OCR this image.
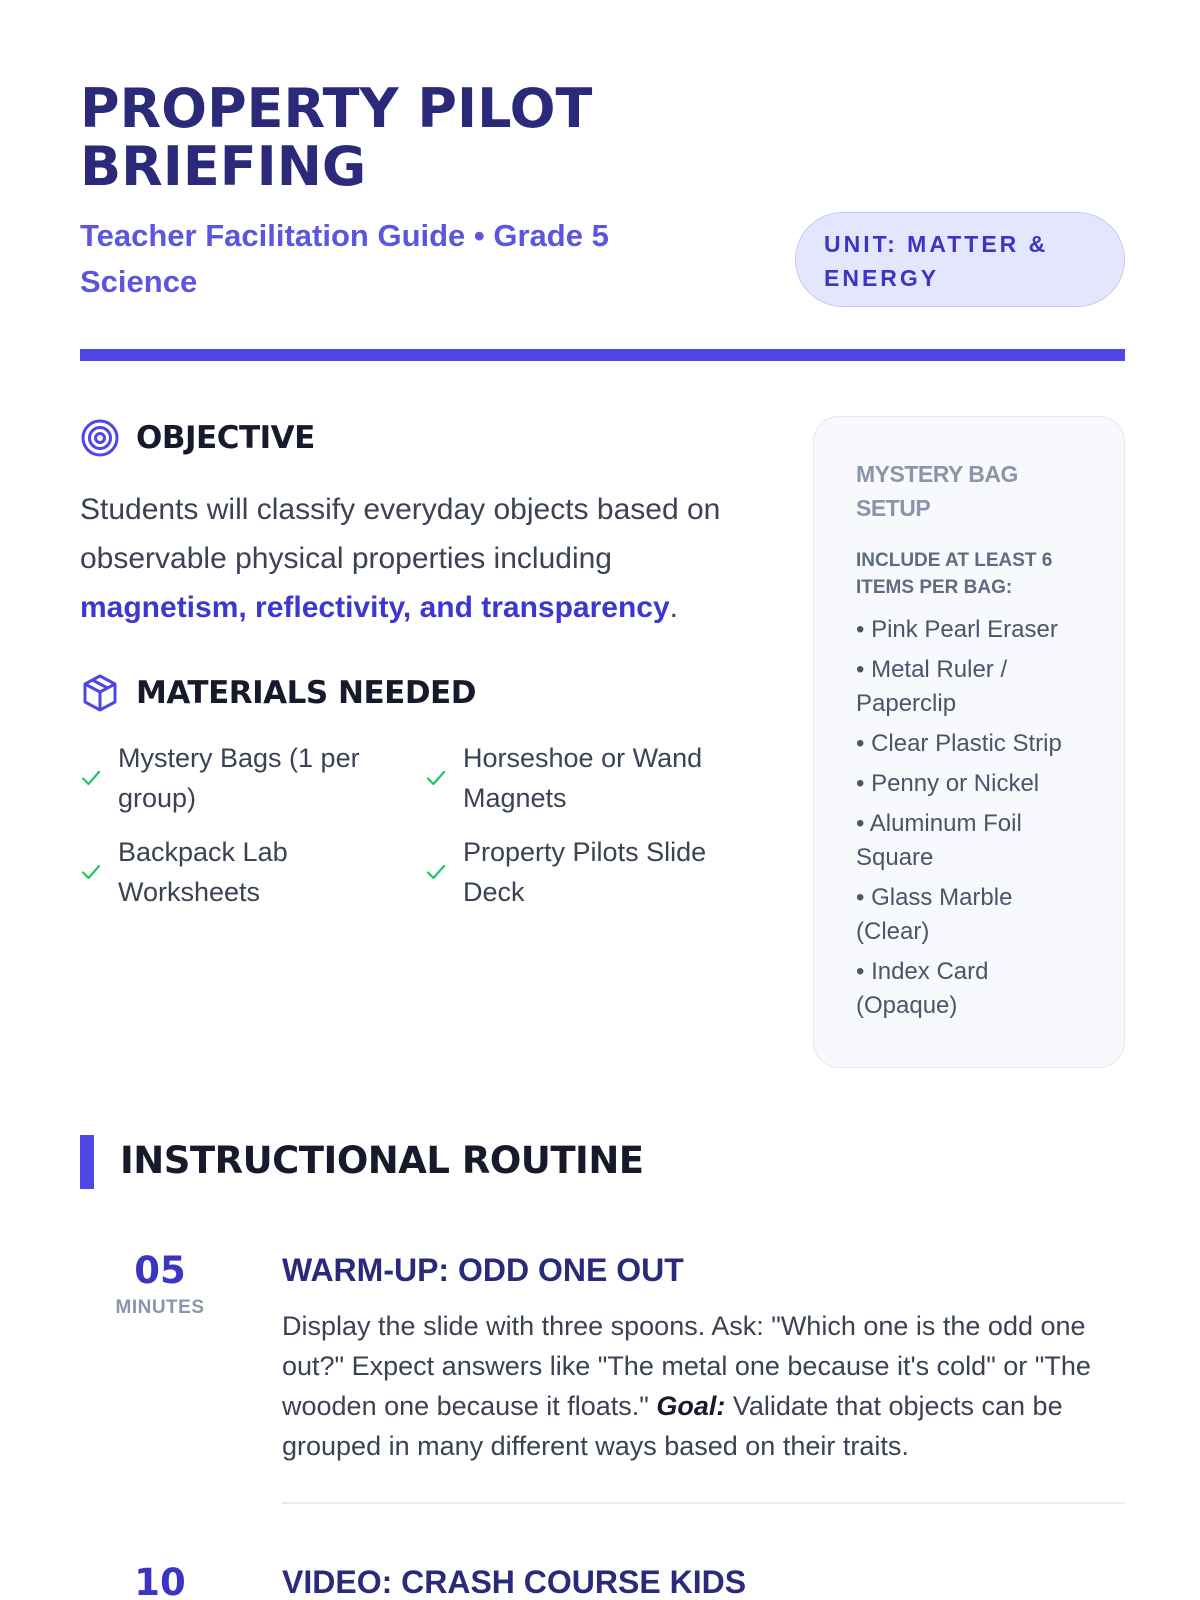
PROPERTY PILOT BRIEFING
Teacher Facilitation Guide • Grade 5 Science
UNIT: MATTER & ENERGY
OBJECTIVE

Students will classify everyday objects based on observable physical properties including magnetism, reflectivity, and transparency.

MATERIALS NEEDED
Mystery Bags (1 per group)
Horseshoe or Wand Magnets
Backpack Lab Worksheets
Property Pilots Slide Deck
MYSTERY BAG SETUP
INCLUDE AT LEAST 6 ITEMS PER BAG:
• Pink Pearl Eraser
• Metal Ruler / Paperclip
• Clear Plastic Strip
• Penny or Nickel
• Aluminum Foil Square
• Glass Marble (Clear)
• Index Card (Opaque)
INSTRUCTIONAL ROUTINE
05
MINUTES
WARM-UP: ODD ONE OUT

Display the slide with three spoons. Ask: "Which one is the odd one out?" Expect answers like "The metal one because it's cold" or "The wooden one because it floats." Goal: Validate that objects can be grouped in many different ways based on their traits.

10	VIDEO: CRASH COURSE KIDS
